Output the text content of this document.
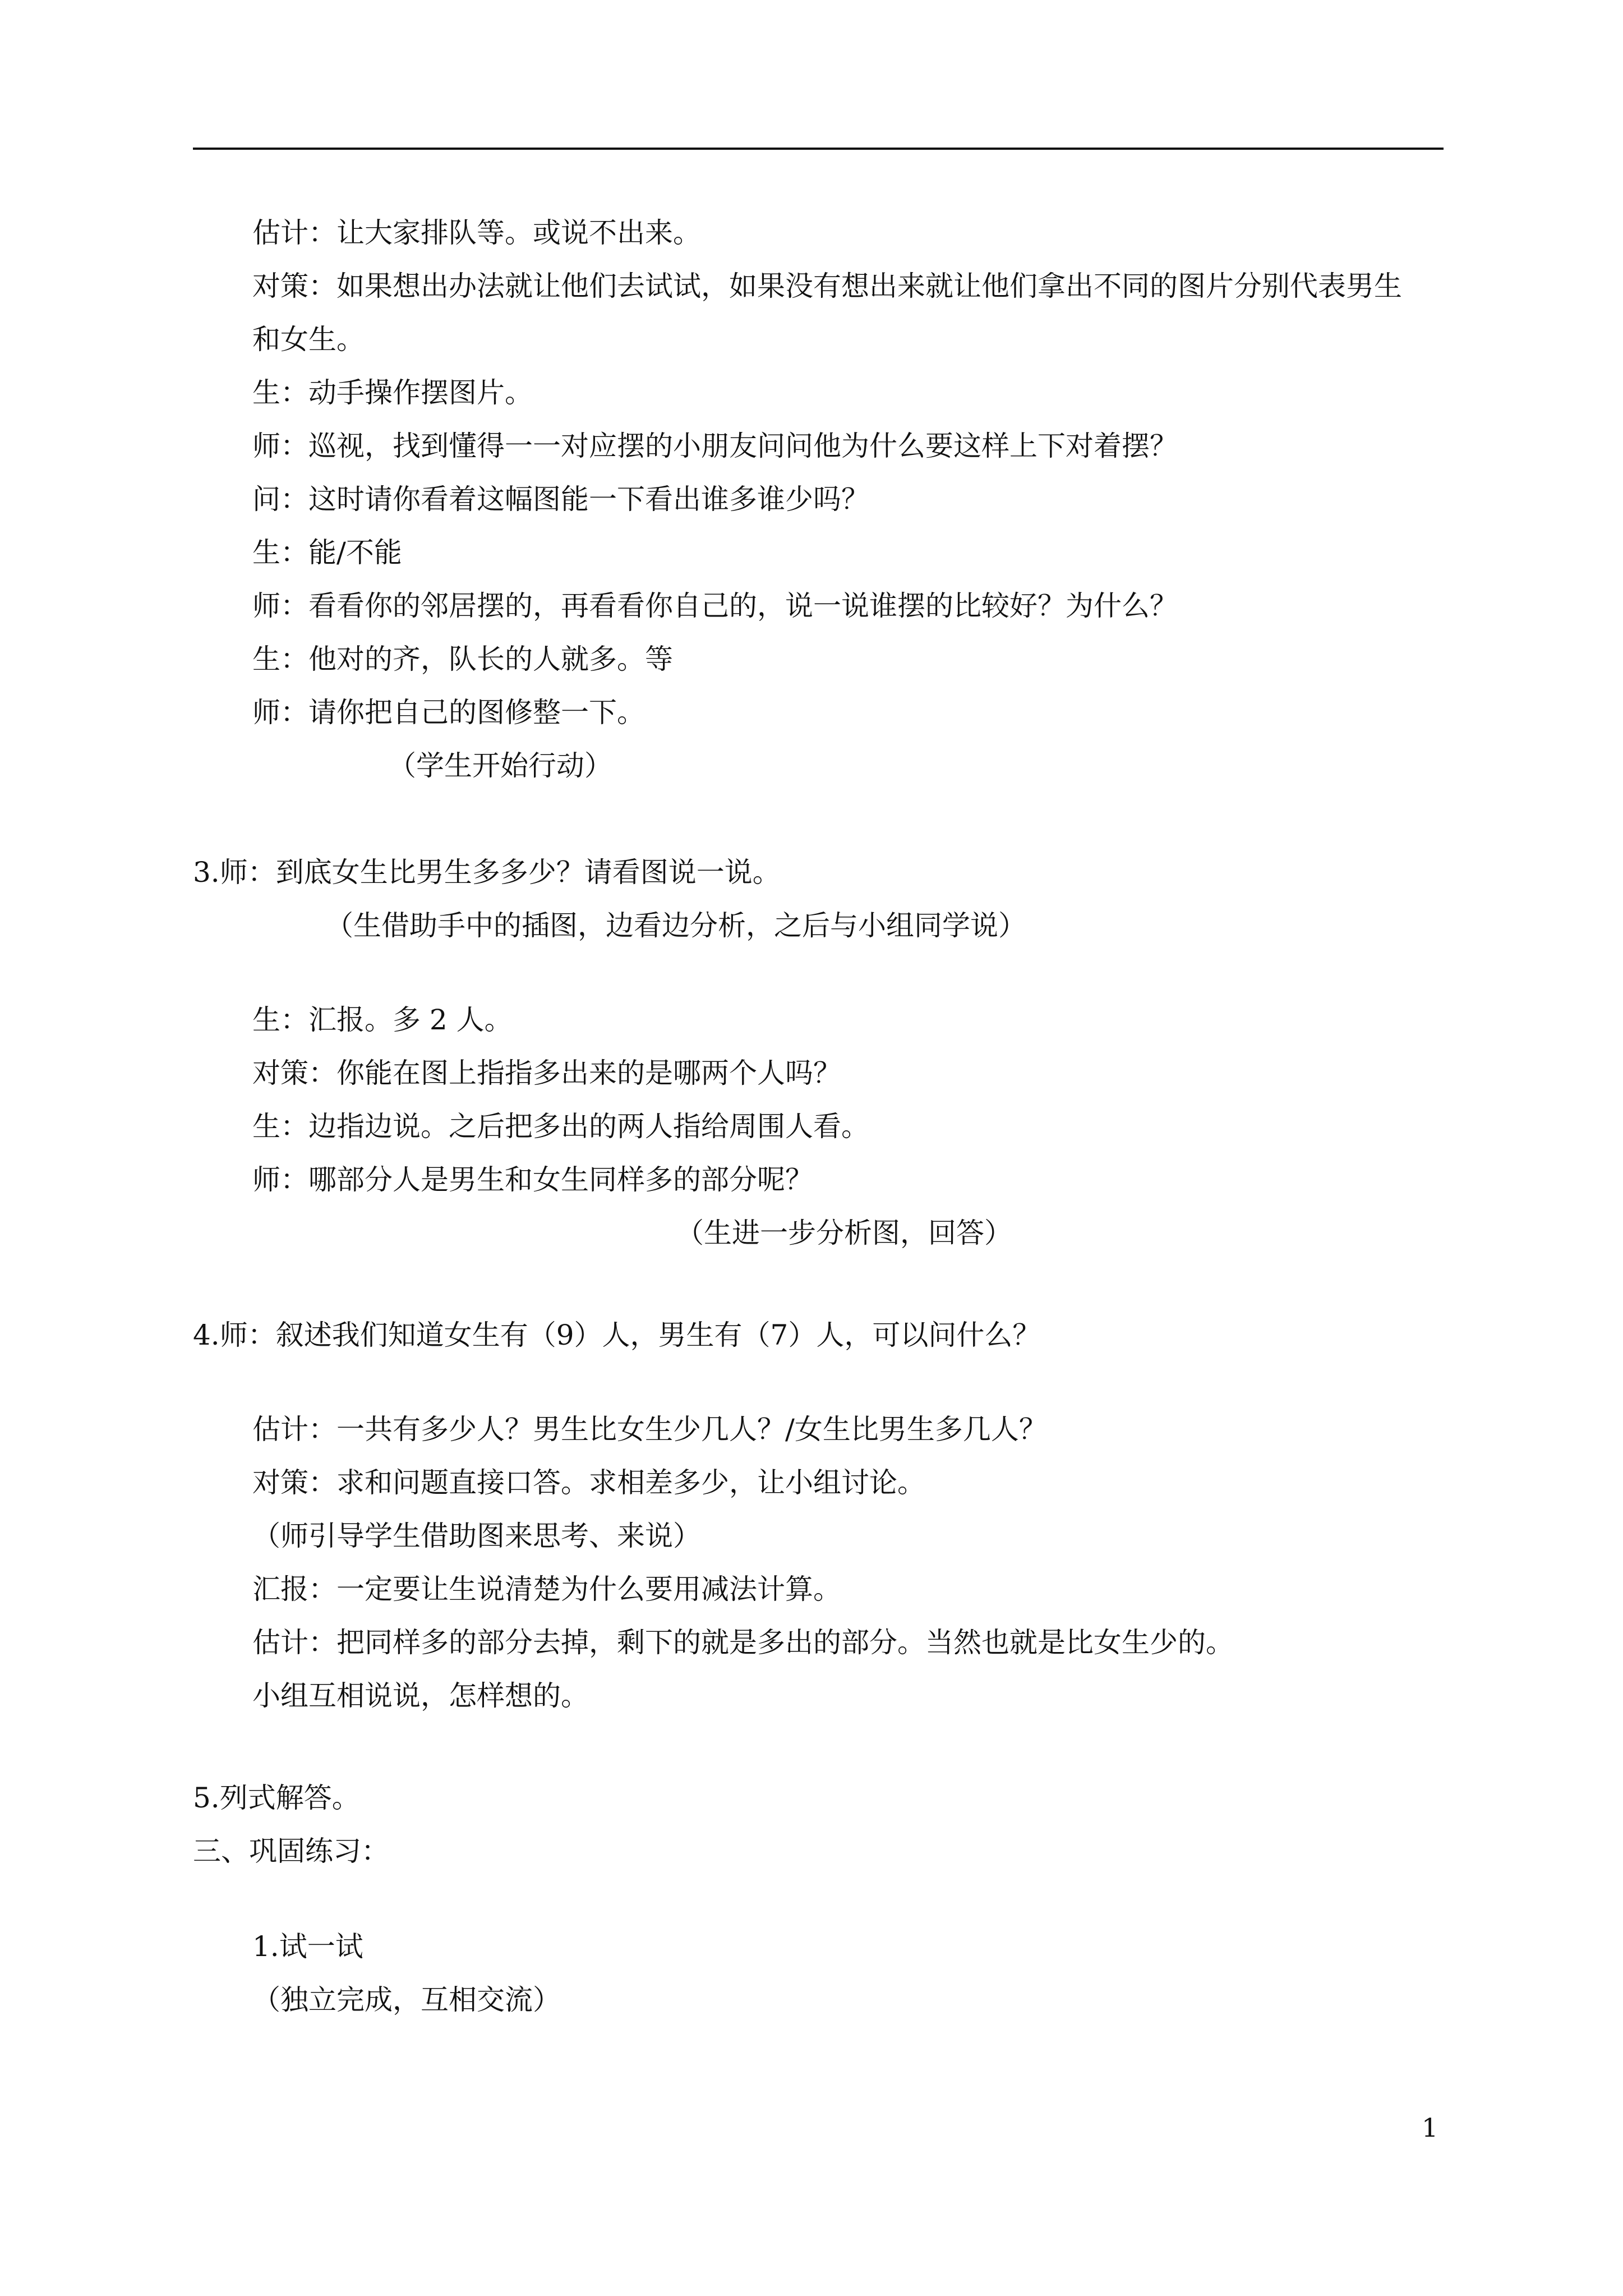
估计：让大家排队等。或说不出来。
对策：如果想出办法就让他们去试试，如果没有想出来就让他们拿出不同的图片分别代表男生
和女生。
生：动手操作摆图片。
师：巡视，找到懂得一一对应摆的小朋友问问他为什么要这样上下对着摆？
问：这时请你看着这幅图能一下看出谁多谁少吗？
生：能/不能
师：看看你的邻居摆的，再看看你自己的，说一说谁摆的比较好？为什么？
生：他对的齐，队长的人就多。等
师：请你把自己的图修整一下。
（学生开始行动）
3.师：到底女生比男生多多少？请看图说一说。
（生借助手中的插图，边看边分析，之后与小组同学说）
生：汇报。多 2 人。
对策：你能在图上指指多出来的是哪两个人吗？
生：边指边说。之后把多出的两人指给周围人看。
师：哪部分人是男生和女生同样多的部分呢？
（生进一步分析图，回答）
4.师：叙述我们知道女生有（9）人，男生有（7）人，可以问什么？
估计：一共有多少人？男生比女生少几人？/女生比男生多几人？
对策：求和问题直接口答。求相差多少，让小组讨论。
（师引导学生借助图来思考、来说）
汇报：一定要让生说清楚为什么要用减法计算。
估计：把同样多的部分去掉，剩下的就是多出的部分。当然也就是比女生少的。
小组互相说说，怎样想的。
5.列式解答。
三、巩固练习：
1.试一试
（独立完成，互相交流）
1
